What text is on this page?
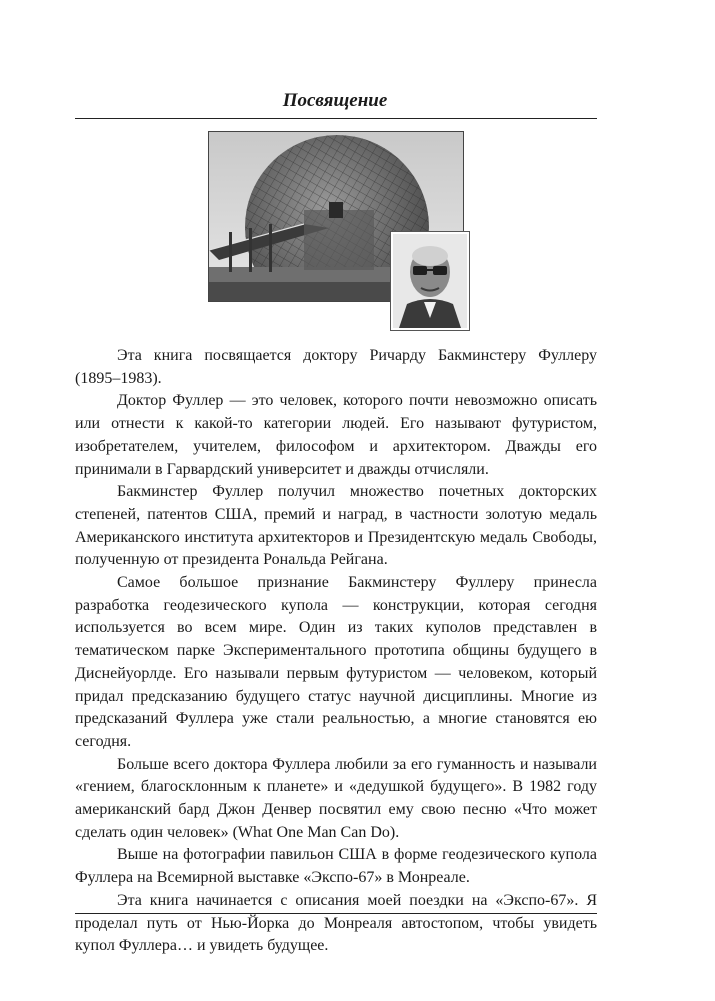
Посвящение

Эта книга посвящается доктору Ричарду Бакминстеру Фуллеру (1895–1983).

Доктор Фуллер — это человек, которого почти невозможно описать или отнести к какой-то категории людей. Его называют футуристом, изобретателем, учителем, философом и архитектором. Дважды его принимали в Гарвардский университет и дважды отчисляли.

Бакминстер Фуллер получил множество почетных докторских степеней, патентов США, премий и наград, в частности золотую медаль Американского института архитекторов и Президентскую медаль Свободы, полученную от президента Рональда Рейгана.

Самое большое признание Бакминстеру Фуллеру принесла разработка геодезического купола — конструкции, которая сегодня используется во всем мире. Один из таких куполов представлен в тематическом парке Экспериментального прототипа общины будущего в Диснейуорлде. Его называли первым футуристом — человеком, который придал предсказанию будущего статус научной дисциплины. Многие из предсказаний Фуллера уже стали реальностью, а многие становятся ею сегодня.

Больше всего доктора Фуллера любили за его гуманность и называли «гением, благосклонным к планете» и «дедушкой будущего». В 1982 году американский бард Джон Денвер посвятил ему свою песню «Что может сделать один человек» (What One Man Can Do).

Выше на фотографии павильон США в форме геодезического купола Фуллера на Всемирной выставке «Экспо-67» в Монреале.

Эта книга начинается с описания моей поездки на «Экспо-67». Я проделал путь от Нью-Йорка до Монреаля автостопом, чтобы увидеть купол Фуллера… и увидеть будущее.
